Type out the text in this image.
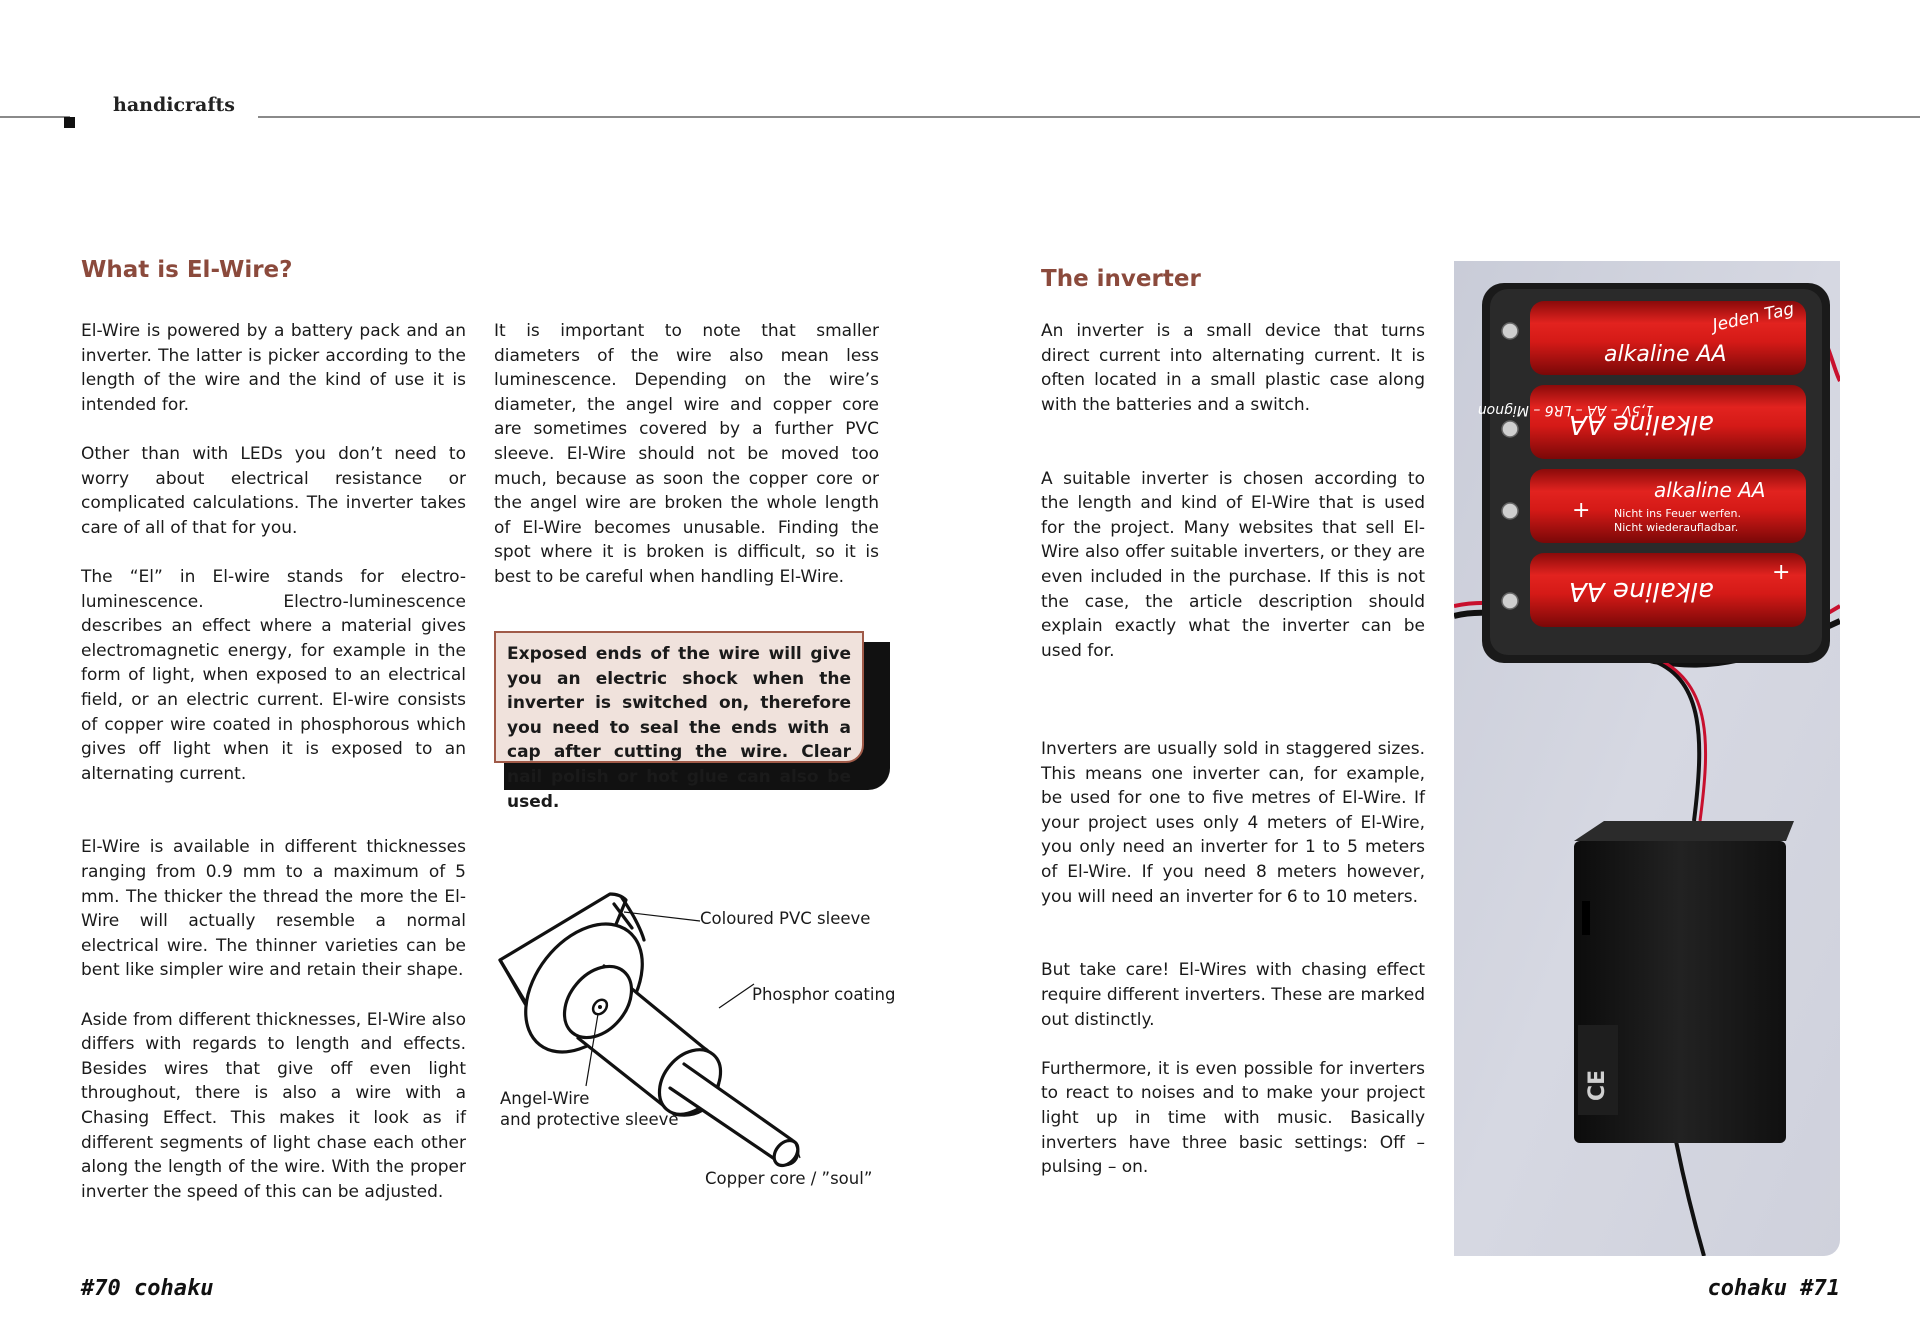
handicrafts
What is El-Wire?

El-Wire is powered by a battery pack and an inverter. The latter is picker according to the length of the wire and the kind of use it is intended for.

Other than with LEDs you don’t need to worry about electrical resistance or complicated calculations. The inverter takes care of all of that for you.

The “El” in El-wire stands for electro-luminescence. Electro-luminescence describes an effect where a material gives electromagnetic energy, for example in the form of light, when exposed to an electrical field, or an electric current. El-wire consists of copper wire coated in phosphorous which gives off light when it is exposed to an alternating current.

El-Wire is available in different thicknesses ranging from 0.9 mm to a maximum of 5 mm. The thicker the thread the more the El-Wire will actually resemble a normal electrical wire. The thinner varieties can be bent like simpler wire and retain their shape.

Aside from different thicknesses, El-Wire also differs with regards to length and effects. Besides wires that give off even light throughout, there is also a wire with a Chasing Effect. This makes it look as if different segments of light chase each other along the length of the wire. With the proper inverter the speed of this can be adjusted.

It is important to note that smaller diameters of the wire also mean less luminescence. Depending on the wire’s diameter, the angel wire and copper core are sometimes covered by a further PVC sleeve. El-Wire should not be moved too much, because as soon the copper core or the angel wire are broken the whole length of El-Wire becomes unusable. Finding the spot where it is broken is difficult, so it is best to be careful when handling El-Wire.

Exposed ends of the wire will give you an electric shock when the inverter is switched on, therefore you need to seal the ends with a cap after cutting the wire. Clear nail polish or hot glue can also be used.
Coloured PVC sleeve
Phosphor coating
Angel-Wire
and protective sleeve
Copper core / ”soul”
The inverter

An inverter is a small device that turns direct current into alternating current. It is often located in a small plastic case along with the batteries and a switch.

A suitable inverter is chosen according to the length and kind of El-Wire that is used for the project. Many websites that sell El-Wire also offer suitable inverters, or they are even included in the purchase. If this is not the case, the article description should explain exactly what the inverter can be used for.

Inverters are usually sold in staggered sizes. This means one inverter can, for example, be used for one to five metres of El-Wire. If your project uses only 4 meters of El-Wire, you only need an inverter for 1 to 5 meters of El-Wire. If you need 8 meters however, you will need an inverter for 6 to 10 meters.

But take care! El-Wires with chasing effect require different inverters. These are marked out distinctly.

Furthermore, it is even possible for inverters to react to noises and to make your project light up in time with music. Basically inverters have three basic settings: Off – pulsing – on.

Jeden Tag
alkaline AA
1,5V – AA – LR6 – Mignon
alkaline AA
alkaline AA
Nicht ins Feuer werfen.
Nicht wiederaufladbar.
alkaline AA
+
+
CE
#70 cohaku	cohaku #71
